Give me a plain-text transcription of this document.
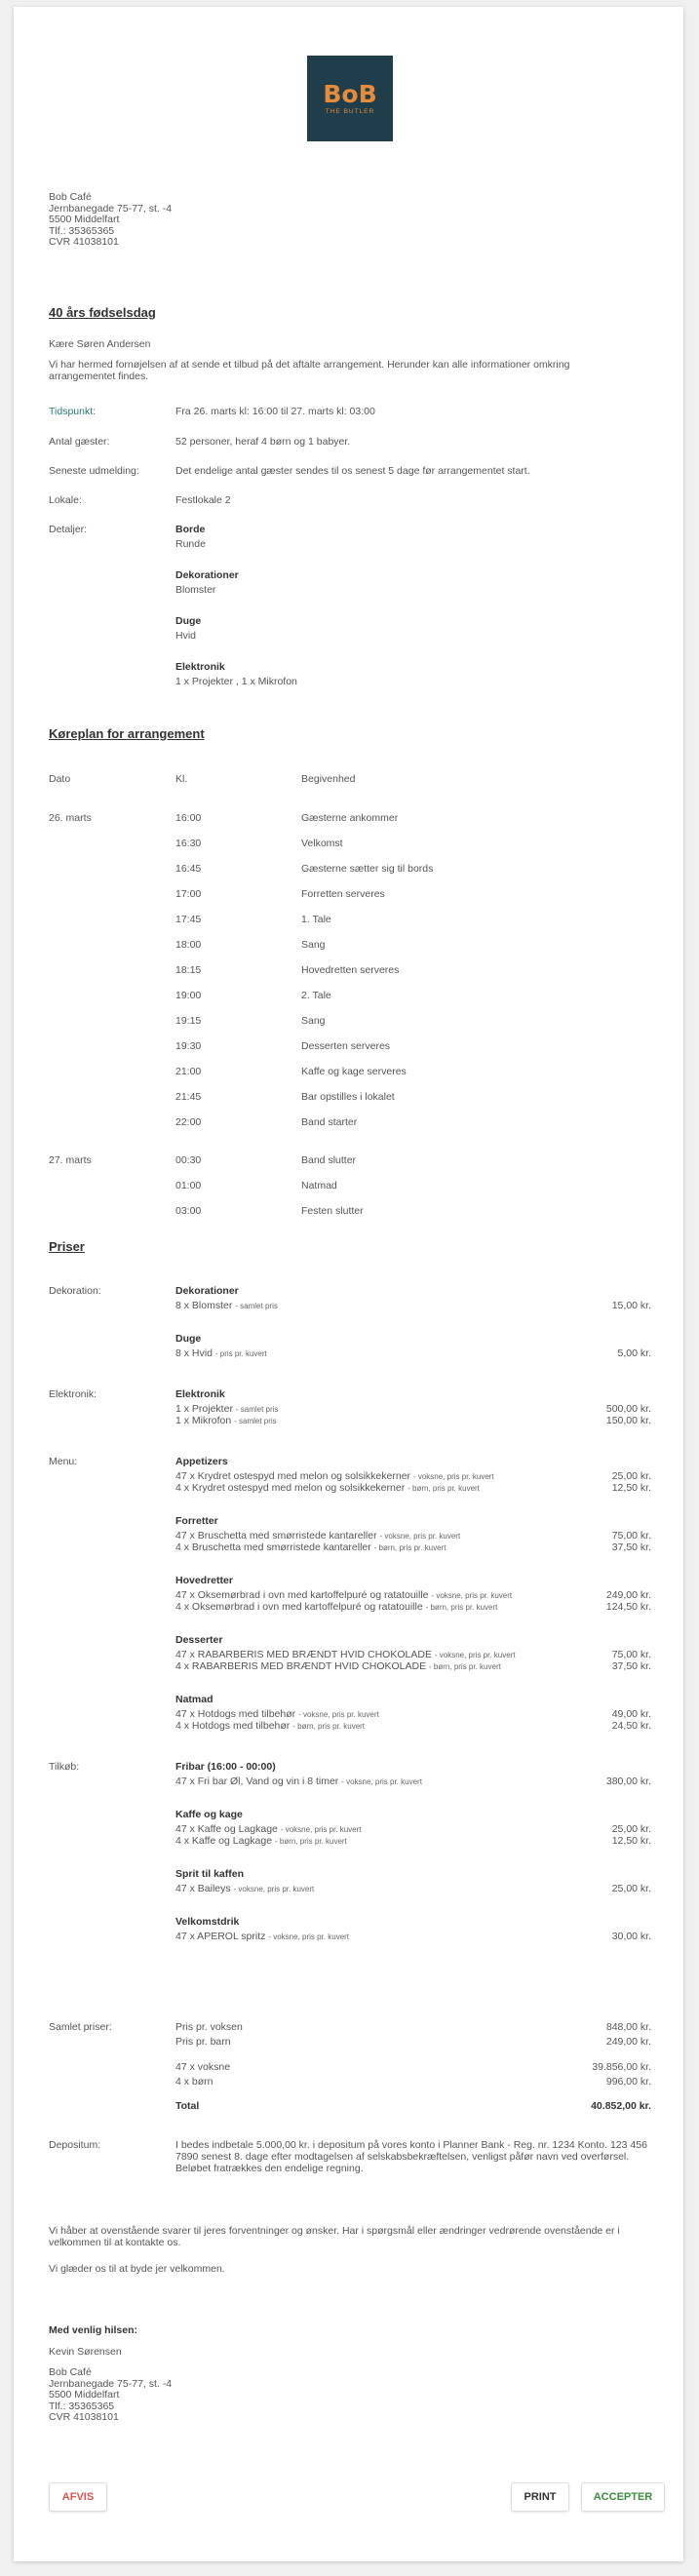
BoB
THE BUTLER
Bob Café
Jernbanegade 75-77, st. -4
5500 Middelfart
Tlf.: 35365365
CVR 41038101
40 års fødselsdag
Kære Søren Andersen
Vi har hermed fornøjelsen af at sende et tilbud på det aftalte arrangement. Herunder kan alle informationer omkring arrangementet findes.
Tidspunkt:	Fra 26. marts kl: 16:00 til 27. marts kl: 03:00
Antal gæster:	52 personer, heraf 4 børn og 1 babyer.
Seneste udmelding:	Det endelige antal gæster sendes til os senest 5 dage før arrangementet start.
Lokale:	Festlokale 2
Detaljer:	Borde
Runde
Dekorationer
Blomster
Duge
Hvid
Elektronik
1 x Projekter , 1 x Mikrofon
Køreplan for arrangement
Dato	Kl.	Begivenhed
26. marts	16:00	Gæsterne ankommer
16:30	Velkomst
16:45	Gæsterne sætter sig til bords
17:00	Forretten serveres
17:45	1. Tale
18:00	Sang
18:15	Hovedretten serveres
19:00	2. Tale
19:15	Sang
19:30	Desserten serveres
21:00	Kaffe og kage serveres
21:45	Bar opstilles i lokalet
22:00	Band starter
27. marts	00:30	Band slutter
01:00	Natmad
03:00	Festen slutter
Priser
Dekoration:	Dekorationer
8 x Blomster - samlet pris	15,00 kr.
Duge
8 x Hvid - pris pr. kuvert	5,00 kr.
Elektronik:	Elektronik
1 x Projekter - samlet pris	500,00 kr.
1 x Mikrofon - samlet pris	150,00 kr.
Menu:	Appetizers
47 x Krydret ostespyd med melon og solsikkekerner - voksne, pris pr. kuvert	25,00 kr.
4 x Krydret ostespyd med melon og solsikkekerner - børn, pris pr. kuvert	12,50 kr.
Forretter
47 x Bruschetta med smørristede kantareller - voksne, pris pr. kuvert	75,00 kr.
4 x Bruschetta med smørristede kantareller - børn, pris pr. kuvert	37,50 kr.
Hovedretter
47 x Oksemørbrad i ovn med kartoffelpuré og ratatouille - voksne, pris pr. kuvert	249,00 kr.
4 x Oksemørbrad i ovn med kartoffelpuré og ratatouille - børn, pris pr. kuvert	124,50 kr.
Desserter
47 x RABARBERIS MED BRÆNDT HVID CHOKOLADE - voksne, pris pr. kuvert	75,00 kr.
4 x RABARBERIS MED BRÆNDT HVID CHOKOLADE - børn, pris pr. kuvert	37,50 kr.
Natmad
47 x Hotdogs med tilbehør - voksne, pris pr. kuvert	49,00 kr.
4 x Hotdogs med tilbehør - børn, pris pr. kuvert	24,50 kr.
Tilkøb:	Fribar (16:00 - 00:00)
47 x Fri bar Øl, Vand og vin i 8 timer - voksne, pris pr. kuvert	380,00 kr.
Kaffe og kage
47 x Kaffe og Lagkage - voksne, pris pr. kuvert	25,00 kr.
4 x Kaffe og Lagkage - børn, pris pr. kuvert	12,50 kr.
Sprit til kaffen
47 x Baileys - voksne, pris pr. kuvert	25,00 kr.
Velkomstdrik
47 x APEROL spritz - voksne, pris pr. kuvert	30,00 kr.
Samlet priser:	Pris pr. voksen	848,00 kr.
Pris pr. barn	249,00 kr.
47 x voksne	39.856,00 kr.
4 x børn	996,00 kr.
Total	40.852,00 kr.
Depositum:	I bedes indbetale 5.000,00 kr. i depositum på vores konto i Planner Bank - Reg. nr. 1234 Konto. 123 456 7890 senest 8. dage efter modtagelsen af selskabsbekræftelsen, venligst påfør navn ved overførsel. Beløbet fratrækkes den endelige regning.
Vi håber at ovenstående svarer til jeres forventninger og ønsker. Har i spørgsmål eller ændringer vedrørende ovenstående er i velkommen til at kontakte os.
Vi glæder os til at byde jer velkommen.
Med venlig hilsen:
Kevin Sørensen
Bob Café
Jernbanegade 75-77, st. -4
5500 Middelfart
Tlf.: 35365365
CVR 41038101
AFVIS	PRINT	ACCEPTER
